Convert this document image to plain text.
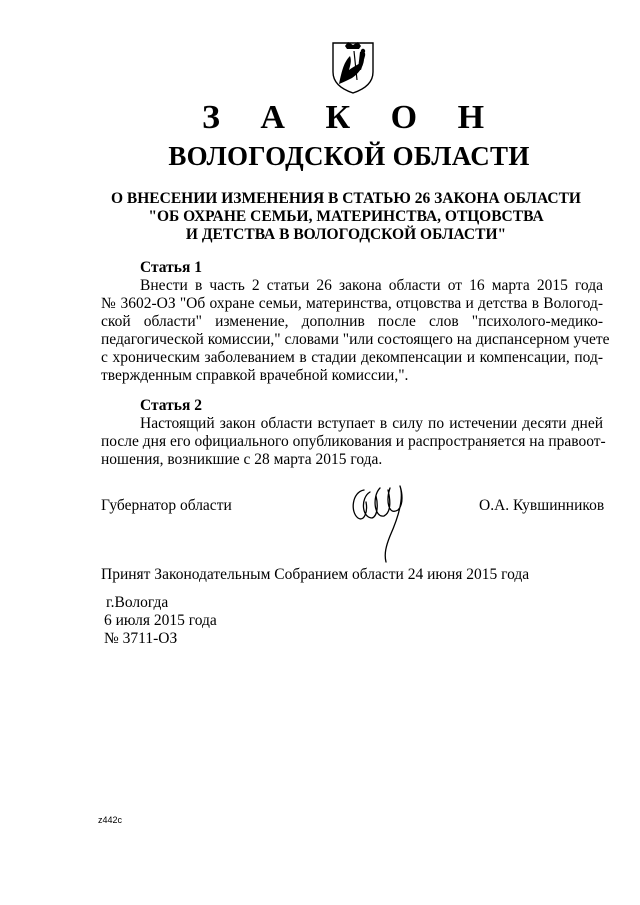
З А К О Н
ВОЛОГОДСКОЙ ОБЛАСТИ
О ВНЕСЕНИИ ИЗМЕНЕНИЯ В СТАТЬЮ 26 ЗАКОНА ОБЛАСТИ
"ОБ ОХРАНЕ СЕМЬИ, МАТЕРИНСТВА, ОТЦОВСТВА
И ДЕТСТВА В ВОЛОГОДСКОЙ ОБЛАСТИ"
Статья 1
Внести в часть 2 статьи 26 закона области от 16 марта 2015 года
№ 3602-ОЗ "Об охране семьи, материнства, отцовства и детства в Вологод-
ской области" изменение, дополнив после слов "психолого-медико-
педагогической комиссии," словами "или состоящего на диспансерном учете
с хроническим заболеванием в стадии декомпенсации и компенсации, под-
твержденным справкой врачебной комиссии,".
Статья 2
Настоящий закон области вступает в силу по истечении десяти дней
после дня его официального опубликования и распространяется на правоот-
ношения, возникшие с 28 марта 2015 года.
Губернатор области	О.А. Кувшинников
Принят Законодательным Собранием области 24 июня 2015 года
г.Вологда
6 июля 2015 года
№ 3711-ОЗ
z442c
